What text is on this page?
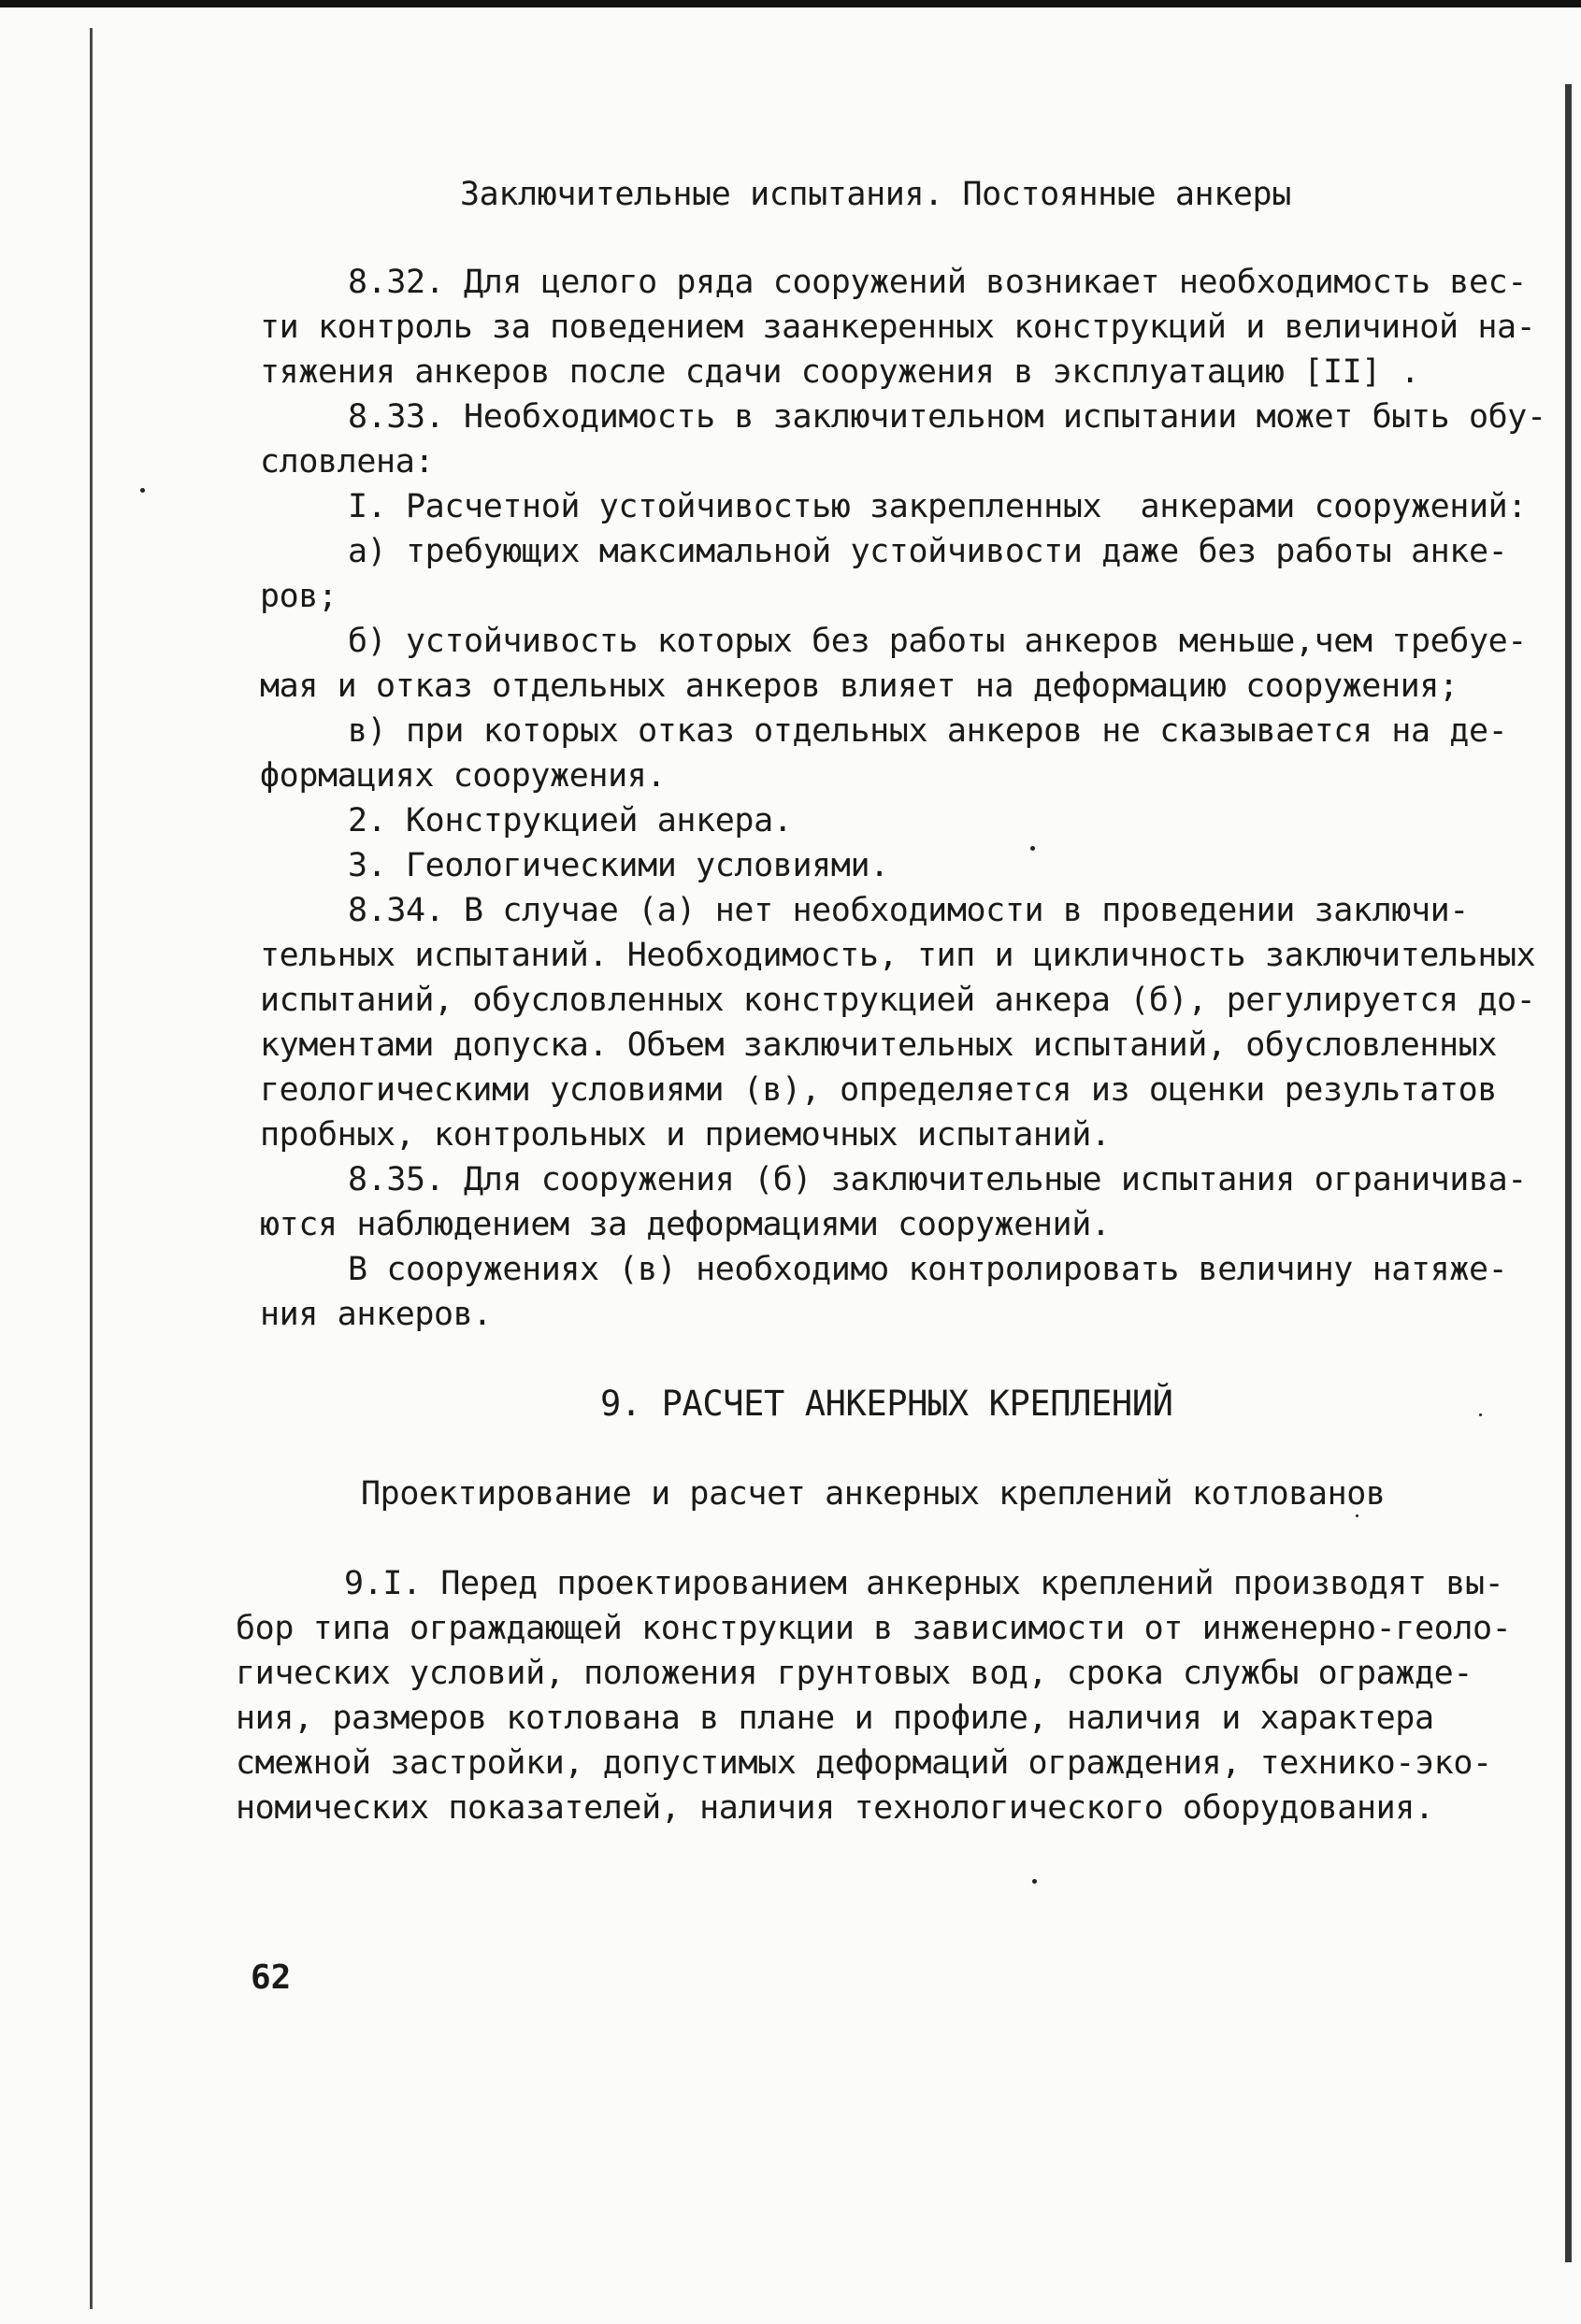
Заключительные испытания. Постоянные анкеры
8.32. Для целого ряда сооружений возникает необходимость вес-
ти контроль за поведением заанкеренных конструкций и величиной на-
тяжения анкеров после сдачи сооружения в эксплуатацию [II] .
8.33. Необходимость в заключительном испытании может быть обу-
словлена:
I. Расчетной устойчивостью закрепленных  анкерами сооружений:
а) требующих максимальной устойчивости даже без работы анке-
ров;
б) устойчивость которых без работы анкеров меньше,чем требуе-
мая и отказ отдельных анкеров влияет на деформацию сооружения;
в) при которых отказ отдельных анкеров не сказывается на де-
формациях сооружения.
2. Конструкцией анкера.
3. Геологическими условиями.
8.34. В случае (а) нет необходимости в проведении заключи-
тельных испытаний. Необходимость, тип и цикличность заключительных
испытаний, обусловленных конструкцией анкера (б), регулируется до-
кументами допуска. Объем заключительных испытаний, обусловленных
геологическими условиями (в), определяется из оценки результатов
пробных, контрольных и приемочных испытаний.
8.35. Для сооружения (б) заключительные испытания ограничива-
ются наблюдением за деформациями сооружений.
В сооружениях (в) необходимо контролировать величину натяже-
ния анкеров.
9. РАСЧЕТ АНКЕРНЫХ КРЕПЛЕНИЙ
Проектирование и расчет анкерных креплений котлованов
9.I. Перед проектированием анкерных креплений производят вы-
бор типа ограждающей конструкции в зависимости от инженерно-геоло-
гических условий, положения грунтовых вод, срока службы огражде-
ния, размеров котлована в плане и профиле, наличия и характера
смежной застройки, допустимых деформаций ограждения, технико-эко-
номических показателей, наличия технологического оборудования.
62
